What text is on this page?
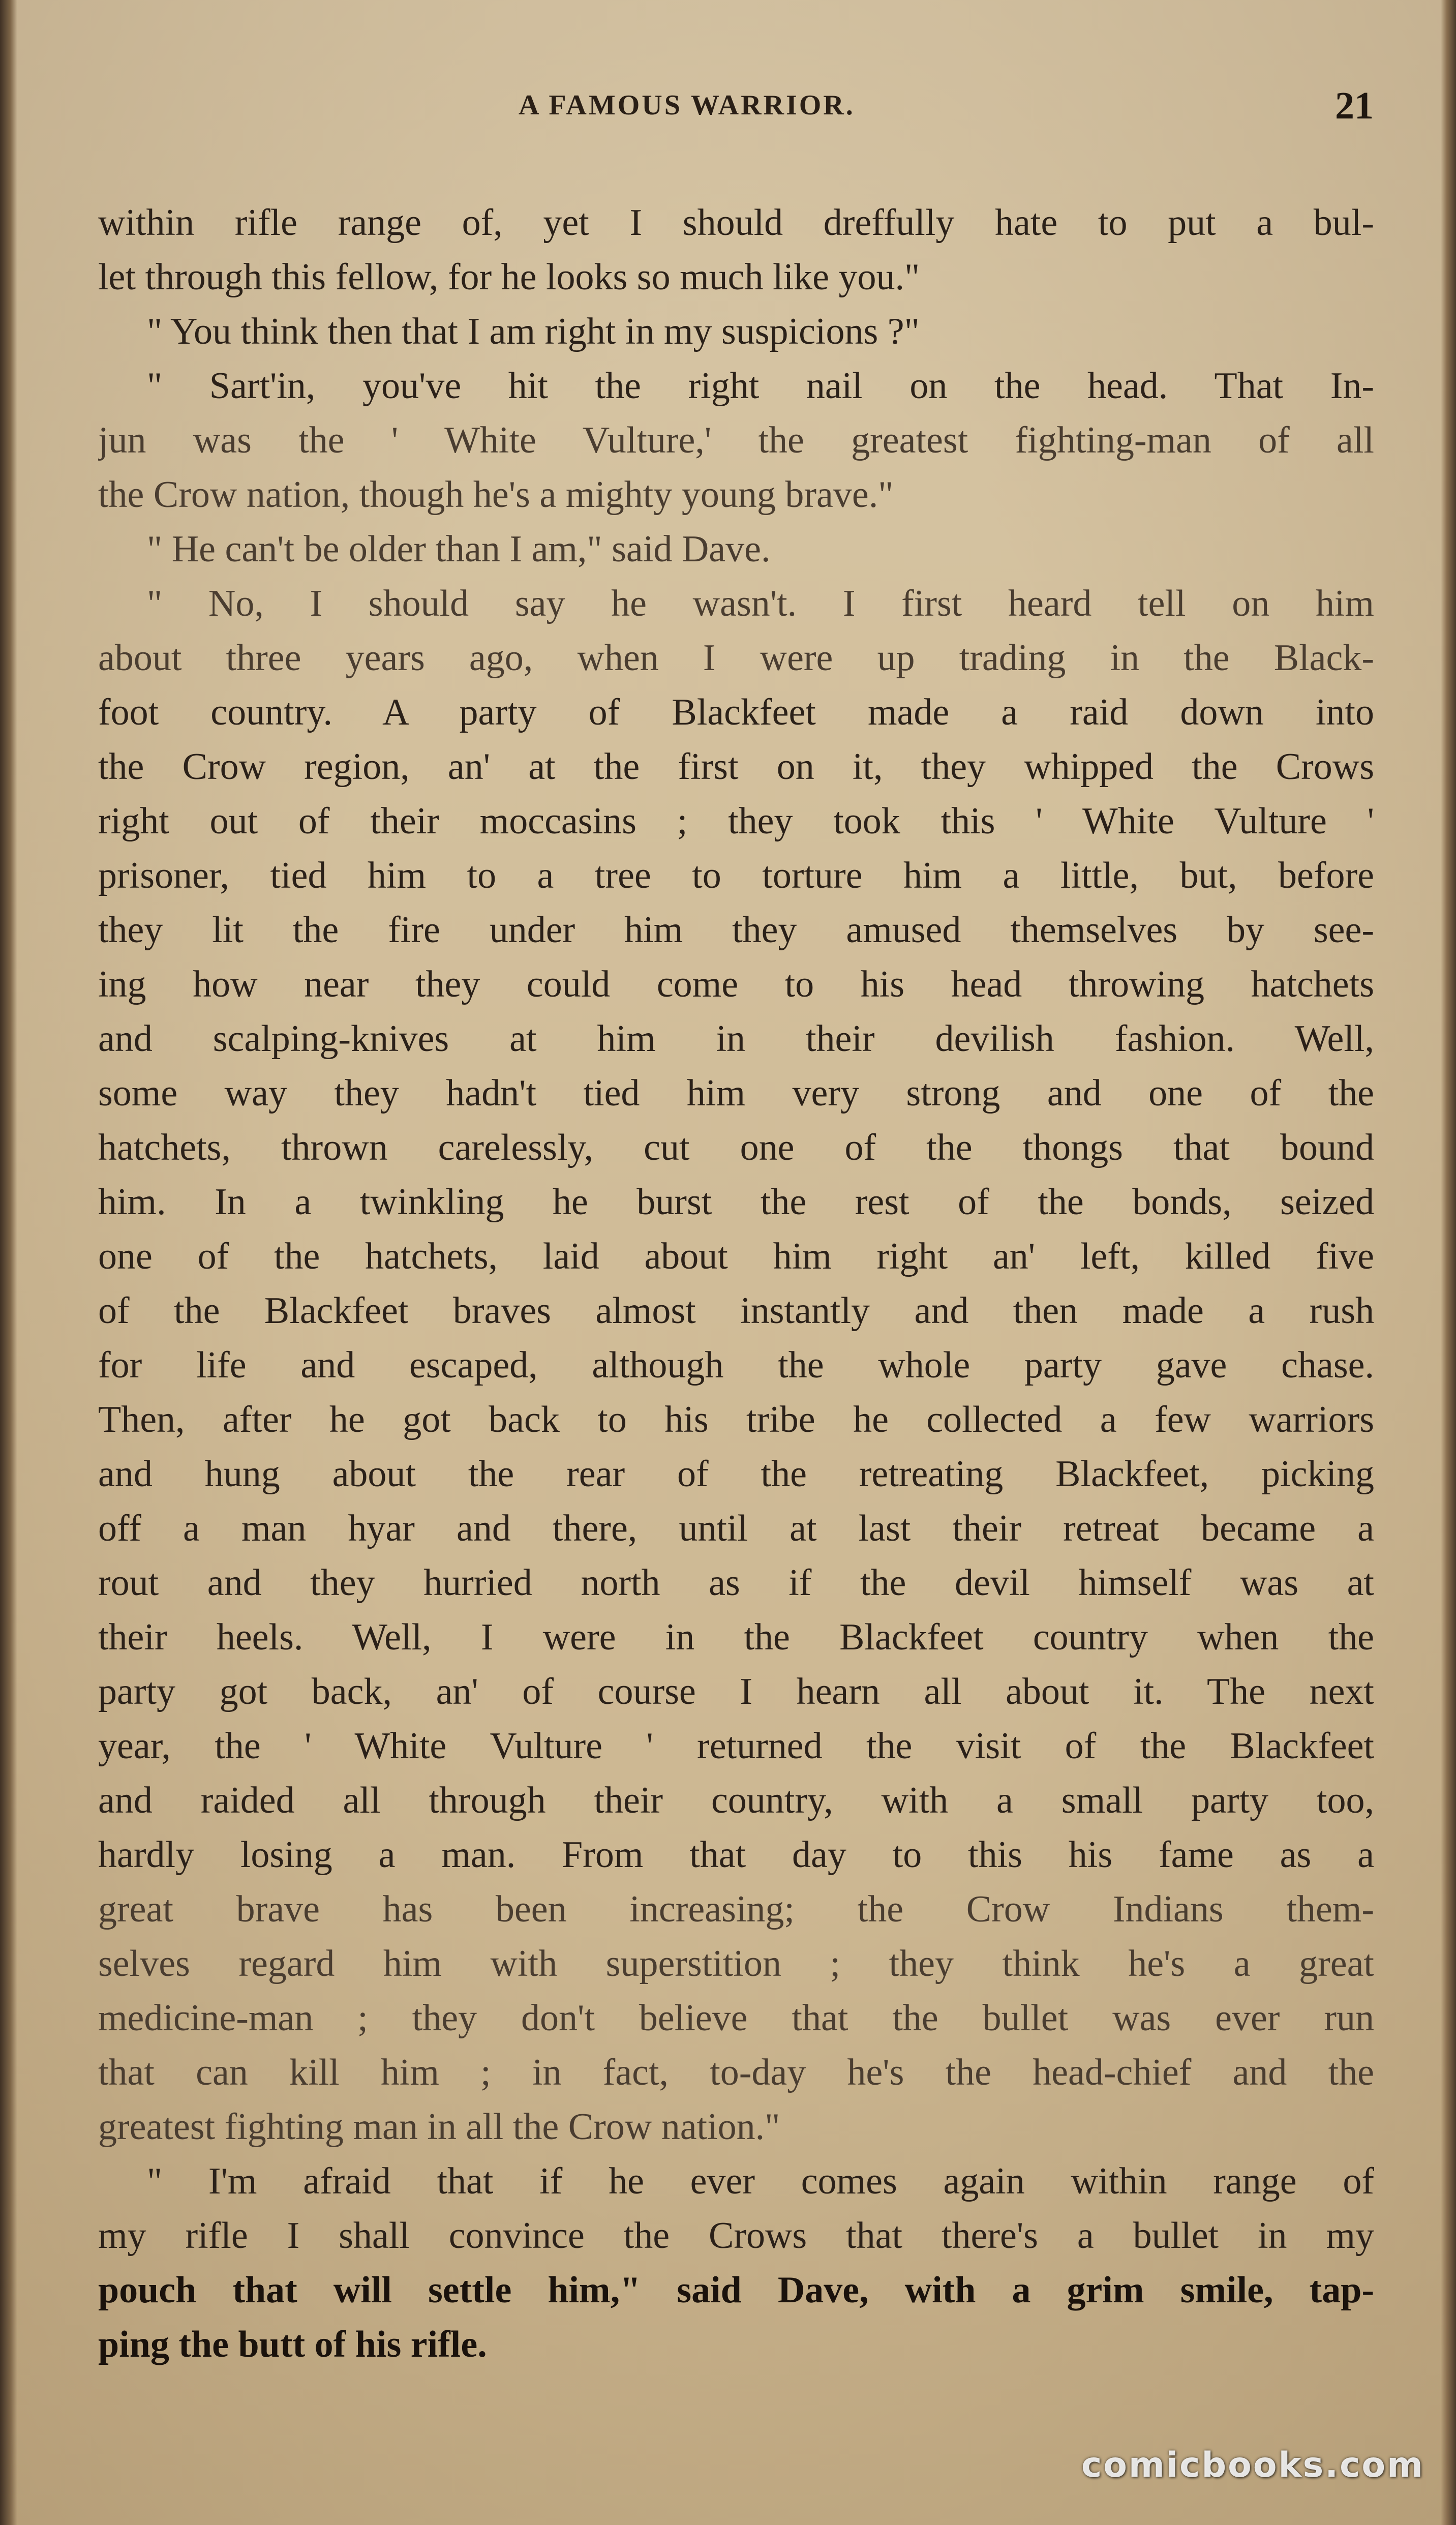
A FAMOUS WARRIOR.	21
within rifle range of, yet I should dreffully hate to put a bul-
let through this fellow, for he looks so much like you."
" You think then that I am right in my suspicions ?"
" Sart'in, you've hit the right nail on the head. That In-
jun was the ' White Vulture,' the greatest fighting-man of all
the Crow nation, though he's a mighty young brave."
" He can't be older than I am," said Dave.
" No, I should say he wasn't. I first heard tell on him
about three years ago, when I were up trading in the Black-
foot country. A party of Blackfeet made a raid down into
the Crow region, an' at the first on it, they whipped the Crows
right out of their moccasins ; they took this ' White Vulture '
prisoner, tied him to a tree to torture him a little, but, before
they lit the fire under him they amused themselves by see-
ing how near they could come to his head throwing hatchets
and scalping-knives at him in their devilish fashion. Well,
some way they hadn't tied him very strong and one of the
hatchets, thrown carelessly, cut one of the thongs that bound
him. In a twinkling he burst the rest of the bonds, seized
one of the hatchets, laid about him right an' left, killed five
of the Blackfeet braves almost instantly and then made a rush
for life and escaped, although the whole party gave chase.
Then, after he got back to his tribe he collected a few warriors
and hung about the rear of the retreating Blackfeet, picking
off a man hyar and there, until at last their retreat became a
rout and they hurried north as if the devil himself was at
their heels. Well, I were in the Blackfeet country when the
party got back, an' of course I hearn all about it. The next
year, the ' White Vulture ' returned the visit of the Blackfeet
and raided all through their country, with a small party too,
hardly losing a man. From that day to this his fame as a
great brave has been increasing; the Crow Indians them-
selves regard him with superstition ; they think he's a great
medicine-man ; they don't believe that the bullet was ever run
that can kill him ; in fact, to-day he's the head-chief and the
greatest fighting man in all the Crow nation."
" I'm afraid that if he ever comes again within range of
my rifle I shall convince the Crows that there's a bullet in my
pouch that will settle him," said Dave, with a grim smile, tap-
ping the butt of his rifle.
comicbooks.com
